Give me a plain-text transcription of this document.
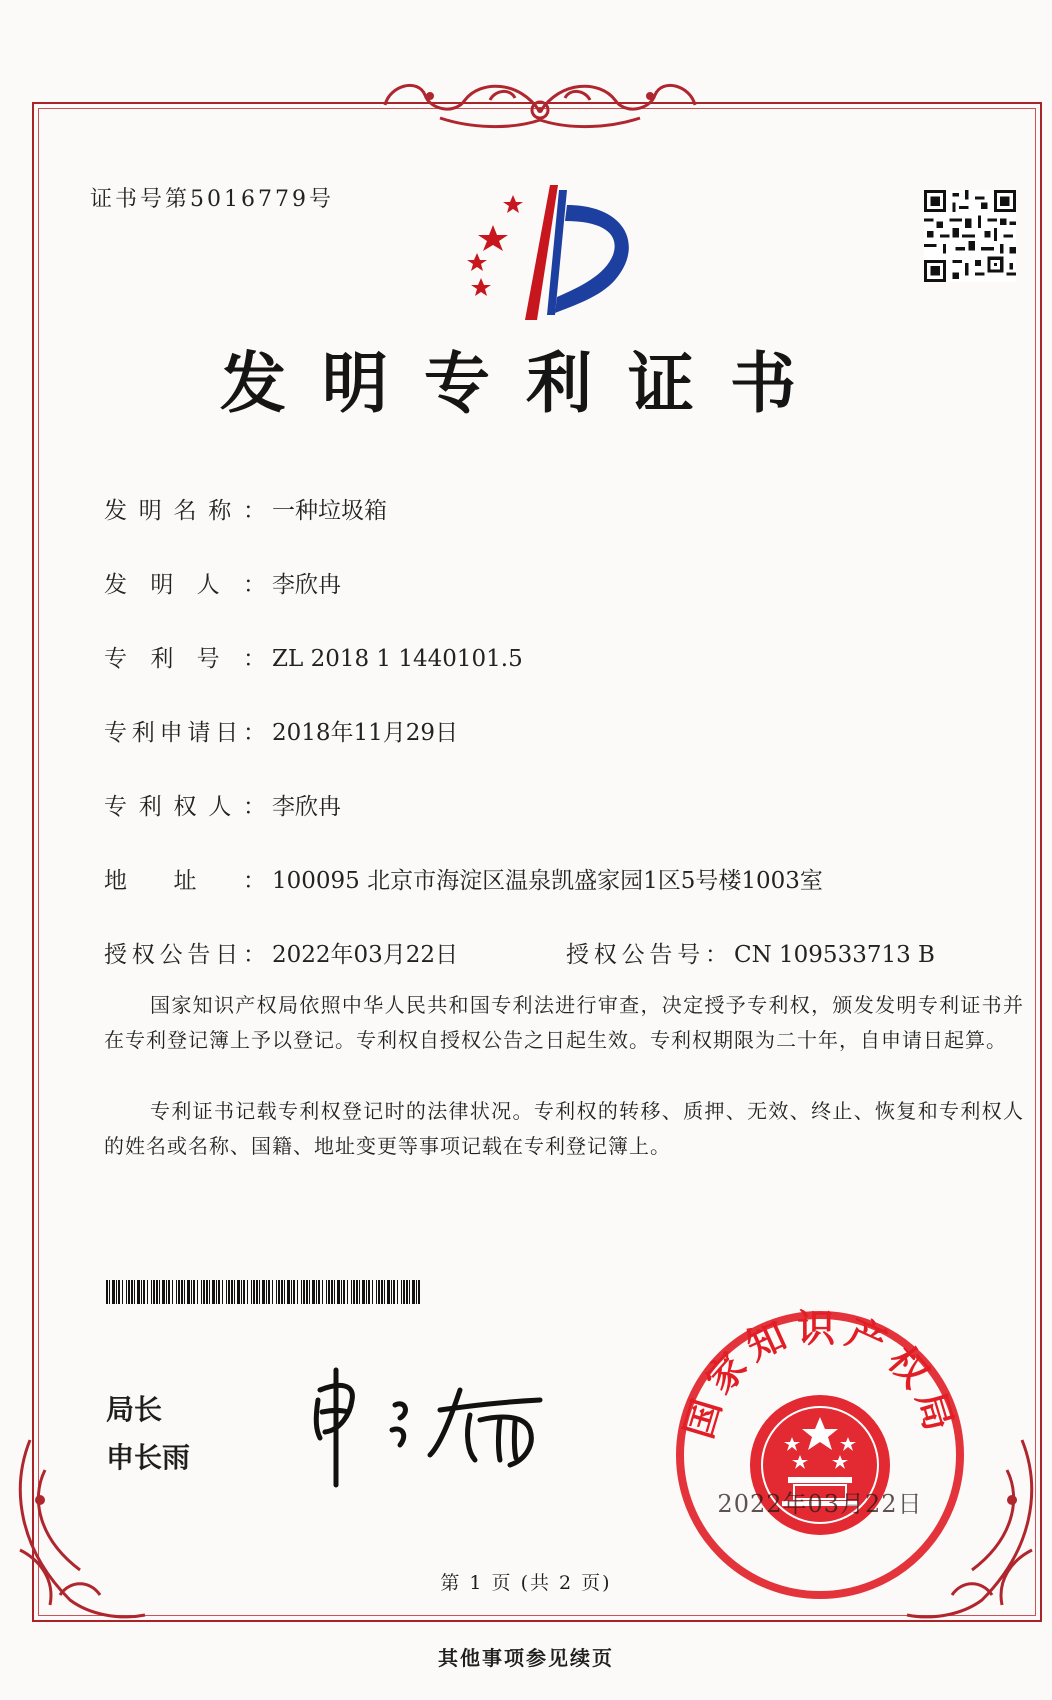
证书号第5016779号
发明专利证书
发明名称： 一种垃圾箱
发明人： 李欣冉
专利号： ZL 2018 1 1440101.5
专利申请日： 2018年11月29日
专利权人： 李欣冉
地址： 100095 北京市海淀区温泉凯盛家园1区5号楼1003室
授权公告日： 2022年03月22日	授权公告号： CN 109533713 B
国家知识产权局依照中华人民共和国专利法进行审查，决定授予专利权，颁发发明专利证书并在专利登记簿上予以登记。专利权自授权公告之日起生效。专利权期限为二十年，自申请日起算。
专利证书记载专利权登记时的法律状况。专利权的转移、质押、无效、终止、恢复和专利权人的姓名或名称、国籍、地址变更等事项记载在专利登记簿上。
局长
申长雨
国家知识产权局
2022年03月22日
第 1 页 (共 2 页)
其他事项参见续页
